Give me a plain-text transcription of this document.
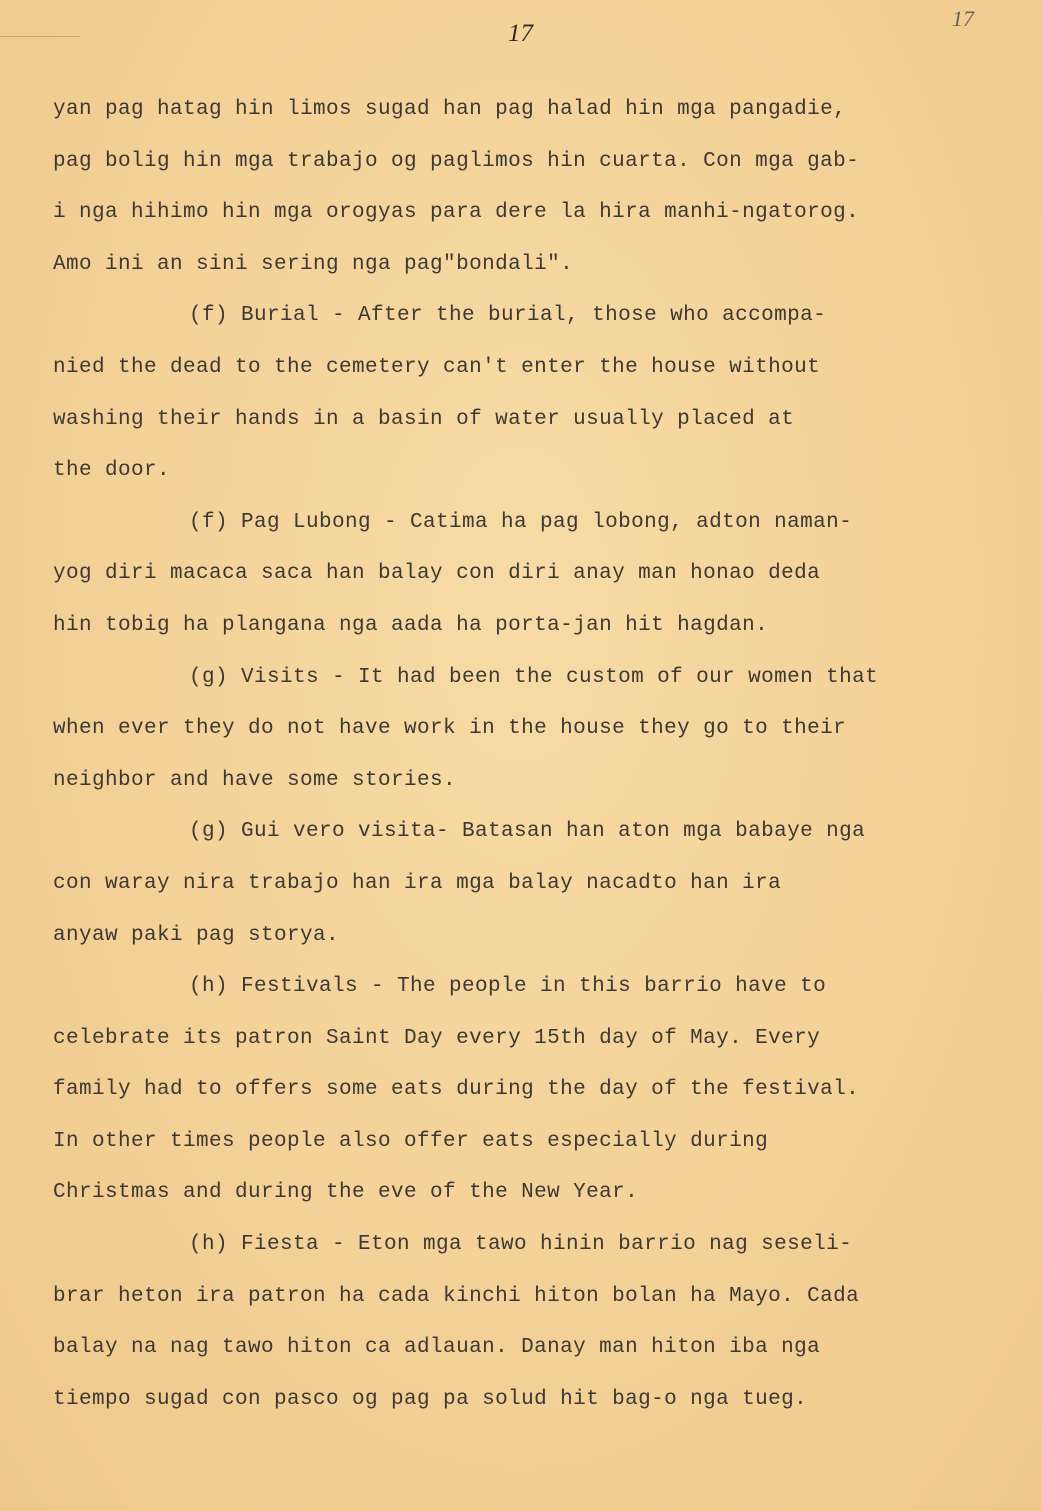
17
17
yan pag hatag hin limos sugad han pag halad hin mga pangadie,
pag bolig hin mga trabajo og paglimos hin cuarta. Con mga gab-
i nga hihimo hin mga orogyas para dere la hira manhi-ngatorog.
Amo ini an sini sering nga pag"bondali".
(f) Burial - After the burial, those who accompa-
nied the dead to the cemetery can't enter the house without
washing their hands in a basin of water usually placed at
the door.
(f) Pag Lubong - Catima ha pag lobong, adton naman-
yog diri macaca saca han balay con diri anay man honao deda
hin tobig ha plangana nga aada ha porta-jan hit hagdan.
(g) Visits - It had been the custom of our women that
when ever they do not have work in the house they go to their
neighbor and have some stories.
(g) Gui vero visita- Batasan han aton mga babaye nga
con waray nira trabajo han ira mga balay nacadto han ira
anyaw paki pag storya.
(h) Festivals - The people in this barrio have to
celebrate its patron Saint Day every 15th day of May. Every
family had to offers some eats during the day of the festival.
In other times people also offer eats especially during
Christmas and during the eve of the New Year.
(h) Fiesta - Eton mga tawo hinin barrio nag seseli-
brar heton ira patron ha cada kinchi hiton bolan ha Mayo. Cada
balay na nag tawo hiton ca adlauan. Danay man hiton iba nga
tiempo sugad con pasco og pag pa solud hit bag-o nga tueg.
